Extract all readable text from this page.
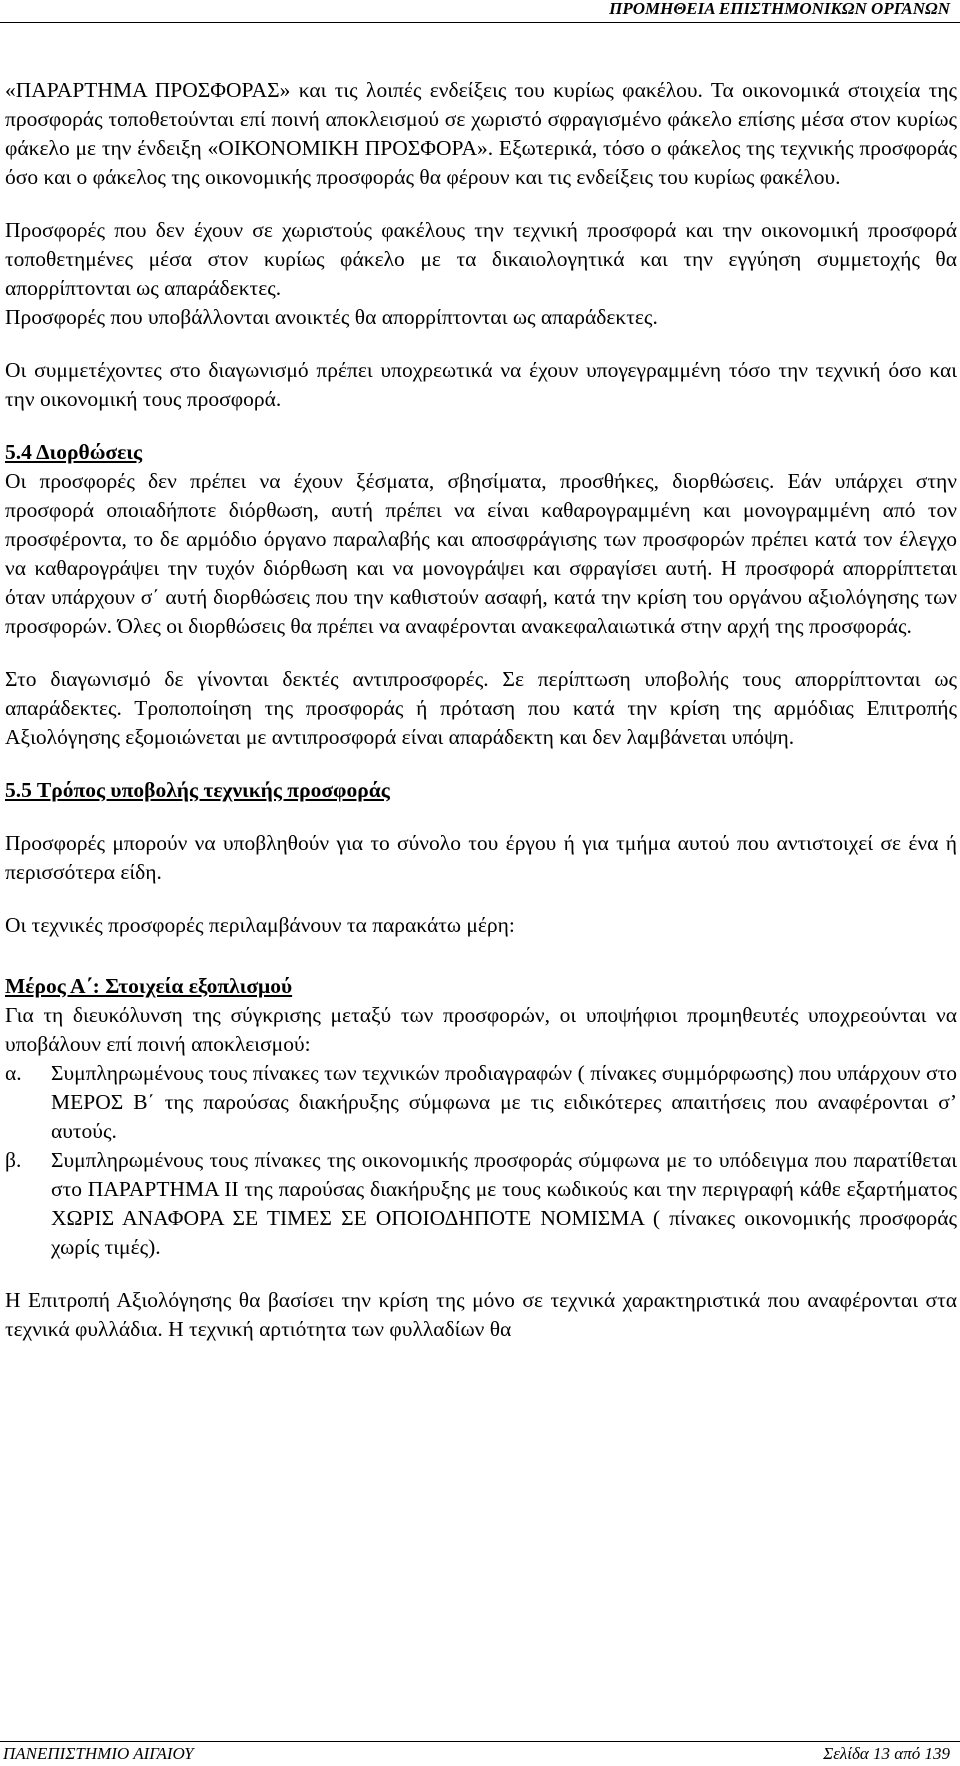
ΠΡΟΜΗΘΕΙΑ ΕΠΙΣΤΗΜΟΝΙΚΩΝ ΟΡΓΑΝΩΝ

«ΠΑΡΑΡΤΗΜΑ ΠΡΟΣΦΟΡΑΣ» και τις λοιπές ενδείξεις του κυρίως φακέλου. Τα οικονομικά στοιχεία της προσφοράς τοποθετούνται επί ποινή αποκλεισμού σε χωριστό σφραγισμένο φάκελο επίσης μέσα στον κυρίως φάκελο με την ένδειξη «ΟΙΚΟΝΟΜΙΚΗ ΠΡΟΣΦΟΡΑ». Εξωτερικά, τόσο ο φάκελος της τεχνικής προσφοράς όσο και ο φάκελος της οικονομικής προσφοράς θα φέρουν και τις ενδείξεις του κυρίως φακέλου.

Προσφορές που δεν έχουν σε χωριστούς φακέλους την τεχνική προσφορά και την οικονομική προσφορά τοποθετημένες μέσα στον κυρίως φάκελο με τα δικαιολογητικά και την εγγύηση συμμετοχής θα απορρίπτονται ως απαράδεκτες.

Προσφορές που υποβάλλονται ανοικτές θα απορρίπτονται ως απαράδεκτες.

Οι συμμετέχοντες στο διαγωνισμό πρέπει υποχρεωτικά να έχουν υπογεγραμμένη τόσο την τεχνική όσο και την οικονομική τους προσφορά.

5.4 Διορθώσεις

Οι προσφορές δεν πρέπει να έχουν ξέσματα, σβησίματα, προσθήκες, διορθώσεις. Εάν υπάρχει στην προσφορά οποιαδήποτε διόρθωση, αυτή πρέπει να είναι καθαρογραμμένη και μονογραμμένη από τον προσφέροντα, το δε αρμόδιο όργανο παραλαβής και αποσφράγισης των προσφορών πρέπει κατά τον έλεγχο να καθαρογράψει την τυχόν διόρθωση και να μονογράψει και σφραγίσει αυτή. Η προσφορά απορρίπτεται όταν υπάρχουν σ΄ αυτή διορθώσεις που την καθιστούν ασαφή, κατά την κρίση του οργάνου αξιολόγησης των προσφορών. Όλες οι διορθώσεις θα πρέπει να αναφέρονται ανακεφαλαιωτικά στην αρχή της προσφοράς.

Στο διαγωνισμό δε γίνονται δεκτές αντιπροσφορές. Σε περίπτωση υποβολής τους απορρίπτονται ως απαράδεκτες. Τροποποίηση της προσφοράς ή πρόταση που κατά την κρίση της αρμόδιας Επιτροπής Αξιολόγησης εξομοιώνεται με αντιπροσφορά είναι απαράδεκτη και δεν λαμβάνεται υπόψη.

5.5 Τρόπος υποβολής τεχνικής προσφοράς

Προσφορές μπορούν να υποβληθούν για το σύνολο του έργου ή για τμήμα αυτού που αντιστοιχεί σε ένα ή περισσότερα είδη.

Οι τεχνικές προσφορές περιλαμβάνουν τα παρακάτω μέρη:

Μέρος Α΄: Στοιχεία εξοπλισμού

Για τη διευκόλυνση της σύγκρισης μεταξύ των προσφορών, οι υποψήφιοι προμηθευτές υποχρεούνται να υποβάλουν επί ποινή αποκλεισμού:

α.	Συμπληρωμένους τους πίνακες των τεχνικών προδιαγραφών ( πίνακες συμμόρφωσης) που υπάρχουν στο ΜΕΡΟΣ Β΄ της παρούσας διακήρυξης σύμφωνα με τις ειδικότερες απαιτήσεις που αναφέρονται σ’ αυτούς.
β.	Συμπληρωμένους τους πίνακες της οικονομικής προσφοράς σύμφωνα με το υπόδειγμα που παρατίθεται στο ΠΑΡΑΡΤΗΜΑ ΙΙ της παρούσας διακήρυξης με τους κωδικούς και την περιγραφή κάθε εξαρτήματος ΧΩΡΙΣ ΑΝΑΦΟΡΑ ΣΕ ΤΙΜΕΣ ΣΕ ΟΠΟΙΟΔΗΠΟΤΕ ΝΟΜΙΣΜΑ ( πίνακες οικονομικής προσφοράς χωρίς τιμές).

Η Επιτροπή Αξιολόγησης θα βασίσει την κρίση της μόνο σε τεχνικά χαρακτηριστικά που αναφέρονται στα τεχνικά φυλλάδια. Η τεχνική αρτιότητα των φυλλαδίων θα

ΠΑΝΕΠΙΣΤΗΜΙΟ ΑΙΓΑΙΟΥ	Σελίδα 13 από 139
